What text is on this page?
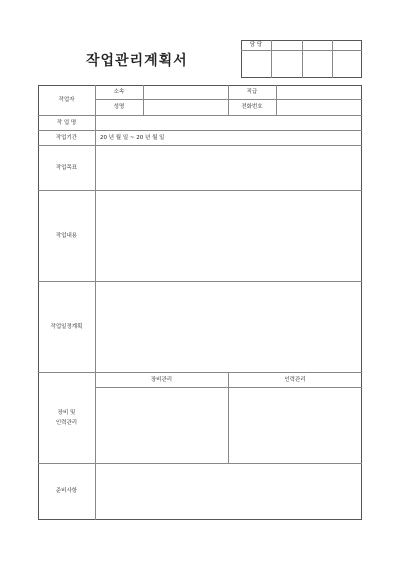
작업관리계획서
담 당
작업자
소속	직급
성명	전화번호
작 업 명
작업기간	20 년 월 일 ~ 20 년 월 일
작업목표
작업내용
작업일정계획
장비관리	인력관리
장비 및
인력관리
준비사항
